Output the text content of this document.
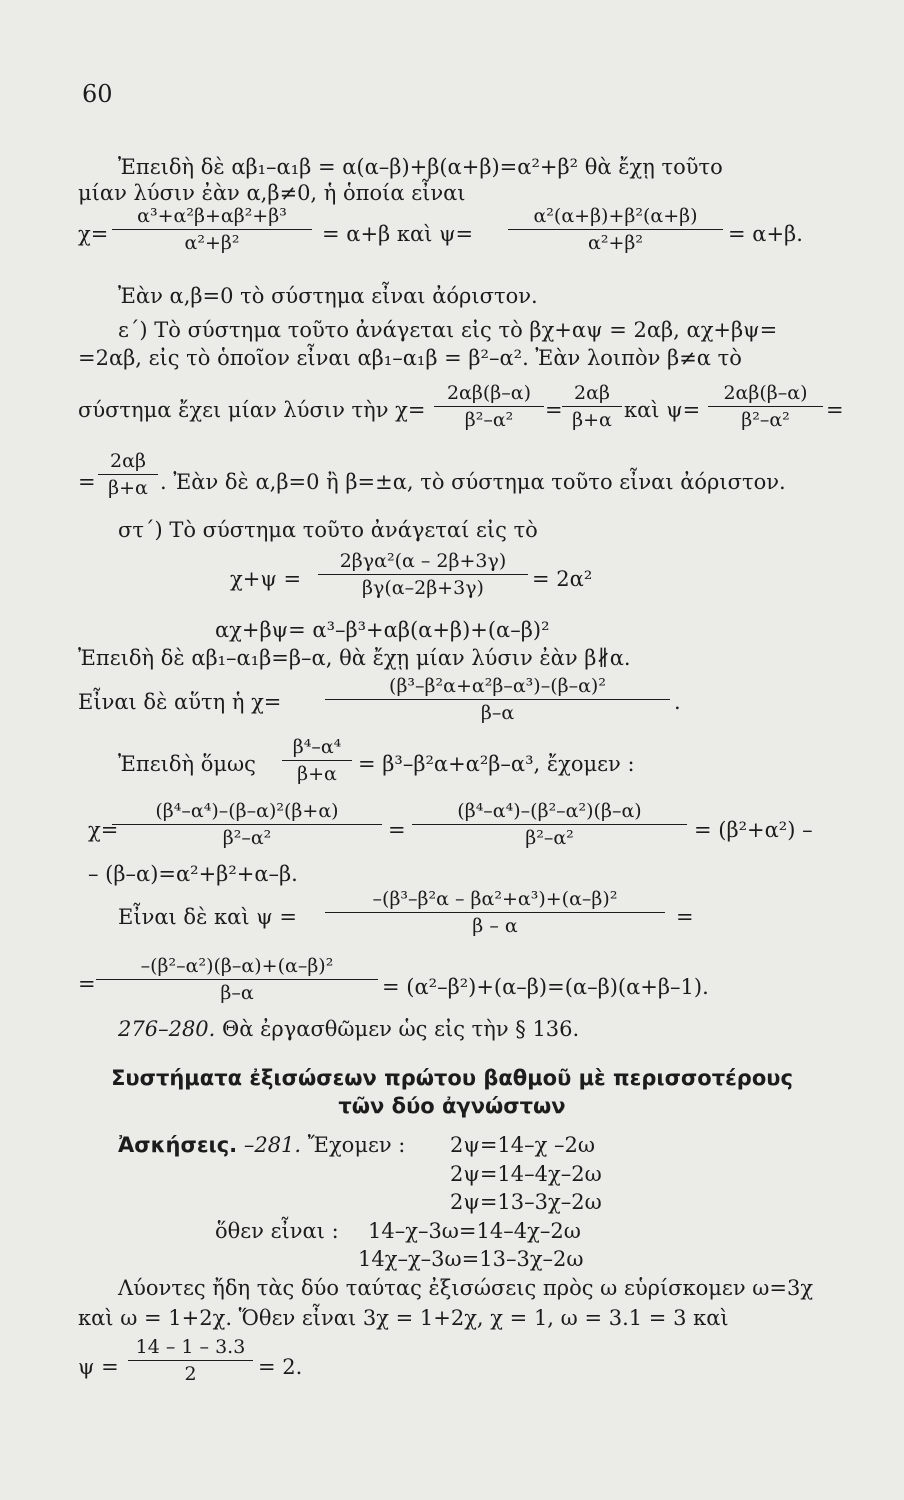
60
Ἐπειδὴ δὲ αβ₁–α₁β = α(α–β)+β(α+β)=α²+β² θὰ ἔχῃ τοῦτο
μίαν λύσιν ἐὰν α,β≠0, ἡ ὁποία εἶναι
$\chi= \frac{\text{α³+α²β+αβ²+β³}}{\text{α²+β²}} = \alpha+\beta$ καὶ $\psi= \frac{\text{α²(α+β)+β²(α+β)}}{\text{α²+β²}} = \alpha+\beta$.
Ἐὰν α,β=0 τὸ σύστημα εἶναι ἀόριστον.
ε΄) Τὸ σύστημα τοῦτο ἀνάγεται εἰς τὸ βχ+αψ = 2αβ, αχ+βψ=
=2αβ, εἰς τὸ ὁποῖον εἶναι αβ₁–α₁β = β²–α². Ἐὰν λοιπὸν β≠α τὸ
σύστημα ἔχει μίαν λύσιν τὴν $\chi= \frac{2\alpha\beta(\beta-\alpha)}{\text{β²–α²}} = \frac{2\alpha\beta}{\beta+\alpha}$ καὶ $\psi= \frac{2\alpha\beta(\beta-\alpha)}{\text{β²–α²}}$ =
= $\frac{2\alpha\beta}{\beta+\alpha}$ . Ἐὰν δὲ α,β=0 ἢ β=±α, τὸ σύστημα τοῦτο εἶναι ἀόριστον.
στ΄) Τὸ σύστημα τοῦτο ἀνάγεταί εἰς τὸ
χ+ψ =
2βγα²(α – 2β+3γ)
βγ(α–2β+3γ)	= 2α²
αχ+βψ= α³–β³+αβ(α+β)+(α–β)²
Ἐπειδὴ δὲ αβ₁–α₁β=β–α, θὰ ἔχῃ μίαν λύσιν ἐὰν β∦α.
Εἶναι δὲ αὕτη ἡ $\chi= \frac{\text{(β³–β²α+α²β–α³)–(β–α)²}}{\beta-\alpha}$ .
Ἐπειδὴ ὅμως $\frac{\text{β⁴–α⁴}}{\beta+\alpha} = \beta^3-\beta^2\alpha+\alpha^2\beta-\alpha^3$, ἔχομεν :
χ=
$\frac{\text{(β⁴–α⁴)–(β–α)²(β+α)}}{\text{β²–α²}} = \frac{\text{(β⁴–α⁴)–(β²–α²)(β–α)}}{\text{β²–α²}} = (\beta^2+\alpha^2)$ –
– (β–α)=α²+β²+α–β.
Εἶναι δὲ καὶ $\psi = \frac{\text{–(β³–β²α – βα²+α³)+(α–β)²}}{\beta - \alpha}$ =
= $\frac{\text{–(β²–α²)(β–α)+(α–β)²}}{\beta-\alpha} = (\alpha^2-\beta^2)+(\alpha-\beta)=(\alpha-\beta)(\alpha+\beta-1)$.
276–280. Θὰ ἐργασθῶμεν ὡς εἰς τὴν § 136.
Συστήματα ἐξισώσεων πρώτου βαθμοῦ μὲ περισσοτέρους
τῶν δύο ἀγνώστων
Ἀσκήσεις. –281. Ἔχομεν : 2ψ=14–χ –2ω
2ψ=14–4χ–2ω
2ψ=13–3χ–2ω
ὅθεν εἶναι : 14–χ–3ω=14–4χ–2ω
14χ–χ–3ω=13–3χ–2ω
Λύοντες ἤδη τὰς δύο ταύτας ἐξισώσεις πρὸς ω εὑρίσκομεν ω=3χ
καὶ ω = 1+2χ. Ὅθεν εἶναι 3χ = 1+2χ, χ = 1, ω = 3.1 = 3 καὶ
$\psi = \frac{14 - 1 - 3.3}{2} = 2$.
